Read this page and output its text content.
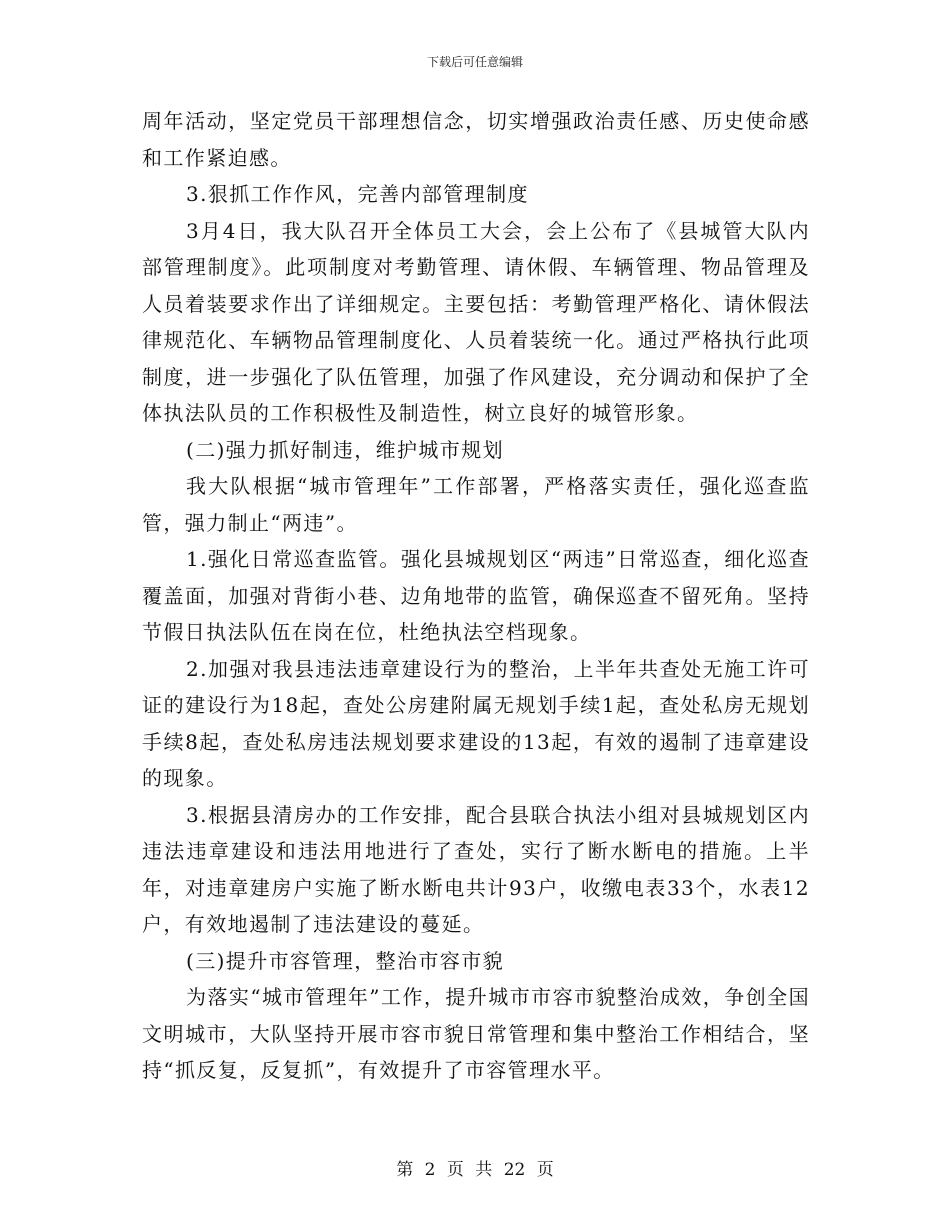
下载后可任意编辑

周年活动，坚定党员干部理想信念，切实增强政治责任感、历史使命感和工作紧迫感。

3.狠抓工作作风，完善内部管理制度

3月4日，我大队召开全体员工大会，会上公布了《县城管大队内部管理制度》。此项制度对考勤管理、请休假、车辆管理、物品管理及人员着装要求作出了详细规定。主要包括：考勤管理严格化、请休假法律规范化、车辆物品管理制度化、人员着装统一化。通过严格执行此项制度，进一步强化了队伍管理，加强了作风建设，充分调动和保护了全体执法队员的工作积极性及制造性，树立良好的城管形象。

(二)强力抓好制违，维护城市规划

我大队根据“城市管理年”工作部署，严格落实责任，强化巡查监管，强力制止“两违”。

1.强化日常巡查监管。强化县城规划区“两违”日常巡查，细化巡查覆盖面，加强对背街小巷、边角地带的监管，确保巡查不留死角。坚持节假日执法队伍在岗在位，杜绝执法空档现象。

2.加强对我县违法违章建设行为的整治，上半年共查处无施工许可证的建设行为18起，查处公房建附属无规划手续1起，查处私房无规划手续8起，查处私房违法规划要求建设的13起，有效的遏制了违章建设的现象。

3.根据县清房办的工作安排，配合县联合执法小组对县城规划区内违法违章建设和违法用地进行了查处，实行了断水断电的措施。上半年，对违章建房户实施了断水断电共计93户，收缴电表33个，水表12户，有效地遏制了违法建设的蔓延。

(三)提升市容管理，整治市容市貌

为落实“城市管理年”工作，提升城市市容市貌整治成效，争创全国文明城市，大队坚持开展市容市貌日常管理和集中整治工作相结合，坚持“抓反复，反复抓”，有效提升了市容管理水平。

第 2 页 共 22 页
